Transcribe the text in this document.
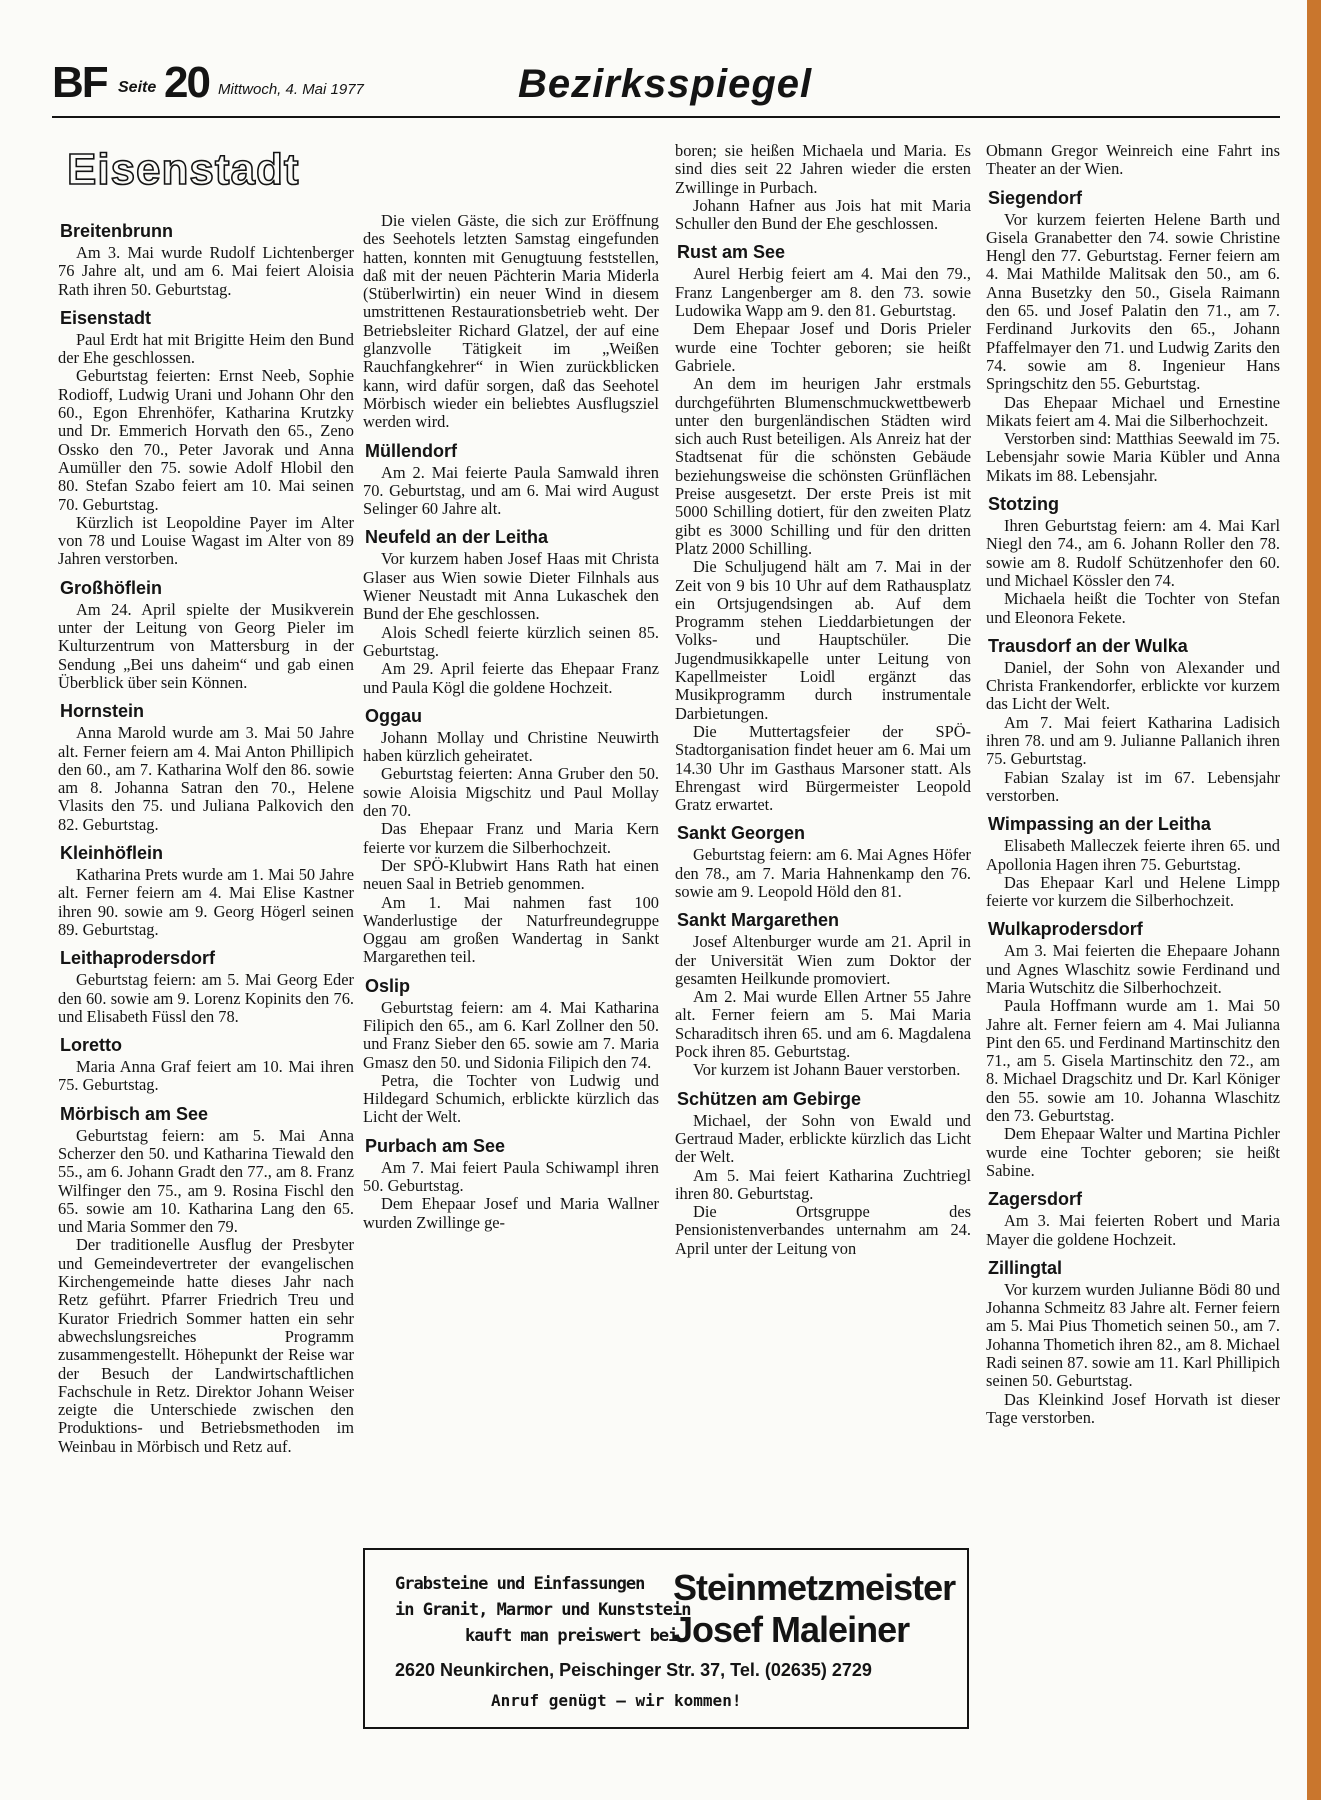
BF Seite 20 Mittwoch, 4. Mai 1977	Bezirksspiegel
Eisenstadt
Breitenbrunn

Am 3. Mai wurde Rudolf Lichtenberger 76 Jahre alt, und am 6. Mai feiert Aloisia Rath ihren 50. Geburtstag.

Eisenstadt

Paul Erdt hat mit Brigitte Heim den Bund der Ehe geschlossen.

Geburtstag feierten: Ernst Neeb, Sophie Rodioff, Ludwig Urani und Johann Ohr den 60., Egon Ehrenhöfer, Katharina Krutzky und Dr. Emmerich Horvath den 65., Zeno Ossko den 70., Peter Javorak und Anna Aumüller den 75. sowie Adolf Hlobil den 80. Stefan Szabo feiert am 10. Mai seinen 70. Geburtstag.

Kürzlich ist Leopoldine Payer im Alter von 78 und Louise Wagast im Alter von 89 Jahren verstorben.

Großhöflein

Am 24. April spielte der Musikverein unter der Leitung von Georg Pieler im Kulturzentrum von Mattersburg in der Sendung „Bei uns daheim“ und gab einen Überblick über sein Können.

Hornstein

Anna Marold wurde am 3. Mai 50 Jahre alt. Ferner feiern am 4. Mai Anton Phillipich den 60., am 7. Katharina Wolf den 86. sowie am 8. Johanna Satran den 70., Helene Vlasits den 75. und Juliana Palkovich den 82. Geburtstag.

Kleinhöflein

Katharina Prets wurde am 1. Mai 50 Jahre alt. Ferner feiern am 4. Mai Elise Kastner ihren 90. sowie am 9. Georg Högerl seinen 89. Geburtstag.

Leithaprodersdorf

Geburtstag feiern: am 5. Mai Georg Eder den 60. sowie am 9. Lorenz Kopinits den 76. und Elisabeth Füssl den 78.

Loretto

Maria Anna Graf feiert am 10. Mai ihren 75. Geburtstag.

Mörbisch am See

Geburtstag feiern: am 5. Mai Anna Scherzer den 50. und Katharina Tiewald den 55., am 6. Johann Gradt den 77., am 8. Franz Wilfinger den 75., am 9. Rosina Fischl den 65. sowie am 10. Katharina Lang den 65. und Maria Sommer den 79.

Der traditionelle Ausflug der Presbyter und Gemeindevertreter der evangelischen Kirchengemeinde hatte dieses Jahr nach Retz geführt. Pfarrer Friedrich Treu und Kurator Friedrich Sommer hatten ein sehr abwechslungsreiches Programm zusammengestellt. Höhepunkt der Reise war der Besuch der Landwirtschaftlichen Fachschule in Retz. Direktor Johann Weiser zeigte die Unterschiede zwischen den Produktions- und Betriebsmethoden im Weinbau in Mörbisch und Retz auf.

Die vielen Gäste, die sich zur Eröffnung des Seehotels letzten Samstag eingefunden hatten, konnten mit Genugtuung feststellen, daß mit der neuen Pächterin Maria Miderla (Stüberlwirtin) ein neuer Wind in diesem umstrittenen Restaurationsbetrieb weht. Der Betriebsleiter Richard Glatzel, der auf eine glanzvolle Tätigkeit im „Weißen Rauchfangkehrer“ in Wien zurückblicken kann, wird dafür sorgen, daß das Seehotel Mörbisch wieder ein beliebtes Ausflugsziel werden wird.

Müllendorf

Am 2. Mai feierte Paula Samwald ihren 70. Geburtstag, und am 6. Mai wird August Selinger 60 Jahre alt.

Neufeld an der Leitha

Vor kurzem haben Josef Haas mit Christa Glaser aus Wien sowie Dieter Filnhals aus Wiener Neustadt mit Anna Lukaschek den Bund der Ehe geschlossen.

Alois Schedl feierte kürzlich seinen 85. Geburtstag.

Am 29. April feierte das Ehepaar Franz und Paula Kögl die goldene Hochzeit.

Oggau

Johann Mollay und Christine Neuwirth haben kürzlich geheiratet.

Geburtstag feierten: Anna Gruber den 50. sowie Aloisia Migschitz und Paul Mollay den 70.

Das Ehepaar Franz und Maria Kern feierte vor kurzem die Silberhochzeit.

Der SPÖ-Klubwirt Hans Rath hat einen neuen Saal in Betrieb genommen.

Am 1. Mai nahmen fast 100 Wanderlustige der Naturfreundegruppe Oggau am großen Wandertag in Sankt Margarethen teil.

Oslip

Geburtstag feiern: am 4. Mai Katharina Filipich den 65., am 6. Karl Zollner den 50. und Franz Sieber den 65. sowie am 7. Maria Gmasz den 50. und Sidonia Filipich den 74.

Petra, die Tochter von Ludwig und Hildegard Schumich, erblickte kürzlich das Licht der Welt.

Purbach am See

Am 7. Mai feiert Paula Schiwampl ihren 50. Geburtstag.

Dem Ehepaar Josef und Maria Wallner wurden Zwillinge ge-

boren; sie heißen Michaela und Maria. Es sind dies seit 22 Jahren wieder die ersten Zwillinge in Purbach.

Johann Hafner aus Jois hat mit Maria Schuller den Bund der Ehe geschlossen.

Rust am See

Aurel Herbig feiert am 4. Mai den 79., Franz Langenberger am 8. den 73. sowie Ludowika Wapp am 9. den 81. Geburtstag.

Dem Ehepaar Josef und Doris Prieler wurde eine Tochter geboren; sie heißt Gabriele.

An dem im heurigen Jahr erstmals durchgeführten Blumenschmuckwettbewerb unter den burgenländischen Städten wird sich auch Rust beteiligen. Als Anreiz hat der Stadtsenat für die schönsten Gebäude beziehungsweise die schönsten Grünflächen Preise ausgesetzt. Der erste Preis ist mit 5000 Schilling dotiert, für den zweiten Platz gibt es 3000 Schilling und für den dritten Platz 2000 Schilling.

Die Schuljugend hält am 7. Mai in der Zeit von 9 bis 10 Uhr auf dem Rathausplatz ein Ortsjugendsingen ab. Auf dem Programm stehen Lieddarbietungen der Volks- und Hauptschüler. Die Jugendmusikkapelle unter Leitung von Kapellmeister Loidl ergänzt das Musikprogramm durch instrumentale Darbietungen.

Die Muttertagsfeier der SPÖ-Stadtorganisation findet heuer am 6. Mai um 14.30 Uhr im Gasthaus Marsoner statt. Als Ehrengast wird Bürgermeister Leopold Gratz erwartet.

Sankt Georgen

Geburtstag feiern: am 6. Mai Agnes Höfer den 78., am 7. Maria Hahnenkamp den 76. sowie am 9. Leopold Höld den 81.

Sankt Margarethen

Josef Altenburger wurde am 21. April in der Universität Wien zum Doktor der gesamten Heilkunde promoviert.

Am 2. Mai wurde Ellen Artner 55 Jahre alt. Ferner feiern am 5. Mai Maria Scharaditsch ihren 65. und am 6. Magdalena Pock ihren 85. Geburtstag.

Vor kurzem ist Johann Bauer verstorben.

Schützen am Gebirge

Michael, der Sohn von Ewald und Gertraud Mader, erblickte kürzlich das Licht der Welt.

Am 5. Mai feiert Katharina Zuchtriegl ihren 80. Geburtstag.

Die Ortsgruppe des Pensionistenverbandes unternahm am 24. April unter der Leitung von

Obmann Gregor Weinreich eine Fahrt ins Theater an der Wien.

Siegendorf

Vor kurzem feierten Helene Barth und Gisela Granabetter den 74. sowie Christine Hengl den 77. Geburtstag. Ferner feiern am 4. Mai Mathilde Malitsak den 50., am 6. Anna Busetzky den 50., Gisela Raimann den 65. und Josef Palatin den 71., am 7. Ferdinand Jurkovits den 65., Johann Pfaffelmayer den 71. und Ludwig Zarits den 74. sowie am 8. Ingenieur Hans Springschitz den 55. Geburtstag.

Das Ehepaar Michael und Ernestine Mikats feiert am 4. Mai die Silberhochzeit.

Verstorben sind: Matthias Seewald im 75. Lebensjahr sowie Maria Kübler und Anna Mikats im 88. Lebensjahr.

Stotzing

Ihren Geburtstag feiern: am 4. Mai Karl Niegl den 74., am 6. Johann Roller den 78. sowie am 8. Rudolf Schützenhofer den 60. und Michael Kössler den 74.

Michaela heißt die Tochter von Stefan und Eleonora Fekete.

Trausdorf an der Wulka

Daniel, der Sohn von Alexander und Christa Frankendorfer, erblickte vor kurzem das Licht der Welt.

Am 7. Mai feiert Katharina Ladisich ihren 78. und am 9. Julianne Pallanich ihren 75. Geburtstag.

Fabian Szalay ist im 67. Lebensjahr verstorben.

Wimpassing an der Leitha

Elisabeth Malleczek feierte ihren 65. und Apollonia Hagen ihren 75. Geburtstag.

Das Ehepaar Karl und Helene Limpp feierte vor kurzem die Silberhochzeit.

Wulkaprodersdorf

Am 3. Mai feierten die Ehepaare Johann und Agnes Wlaschitz sowie Ferdinand und Maria Wutschitz die Silberhochzeit.

Paula Hoffmann wurde am 1. Mai 50 Jahre alt. Ferner feiern am 4. Mai Julianna Pint den 65. und Ferdinand Martinschitz den 71., am 5. Gisela Martinschitz den 72., am 8. Michael Dragschitz und Dr. Karl Königer den 55. sowie am 10. Johanna Wlaschitz den 73. Geburtstag.

Dem Ehepaar Walter und Martina Pichler wurde eine Tochter geboren; sie heißt Sabine.

Zagersdorf

Am 3. Mai feierten Robert und Maria Mayer die goldene Hochzeit.

Zillingtal

Vor kurzem wurden Julianne Bödi 80 und Johanna Schmeitz 83 Jahre alt. Ferner feiern am 5. Mai Pius Thometich seinen 50., am 7. Johanna Thometich ihren 82., am 8. Michael Radi seinen 87. sowie am 11. Karl Phillipich seinen 50. Geburtstag.

Das Kleinkind Josef Horvath ist dieser Tage verstorben.

Grabsteine und Einfassungen
in Granit, Marmor und Kunststein
kauft man preiswert bei
Steinmetzmeister
Josef Maleiner
2620 Neunkirchen, Peischinger Str. 37, Tel. (02635) 2729
Anruf genügt – wir kommen!
